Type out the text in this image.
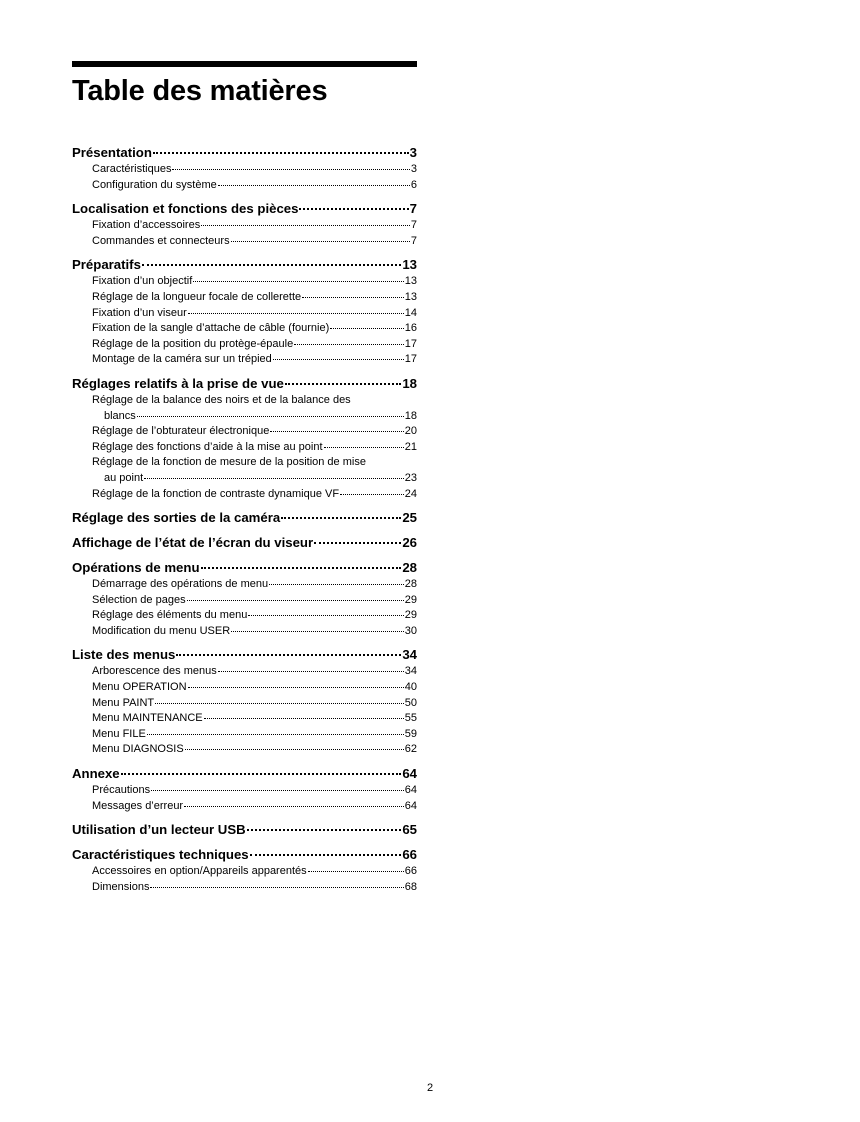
Table des matières
Présentation	3
Caractéristiques	3
Configuration du système	6
Localisation et fonctions des pièces	7
Fixation d’accessoires	7
Commandes et connecteurs	7
Préparatifs	13
Fixation d’un objectif	13
Réglage de la longueur focale de collerette	13
Fixation d’un viseur	14
Fixation de la sangle d’attache de câble (fournie)	16
Réglage de la position du protège-épaule	17
Montage de la caméra sur un trépied	17
Réglages relatifs à la prise de vue	18
Réglage de la balance des noirs et de la balance des
blancs	18
Réglage de l’obturateur électronique	20
Réglage des fonctions d’aide à la mise au point	21
Réglage de la fonction de mesure de la position de mise
au point	23
Réglage de la fonction de contraste dynamique VF	24
Réglage des sorties de la caméra	25
Affichage de l’état de l’écran du viseur	26
Opérations de menu	28
Démarrage des opérations de menu	28
Sélection de pages	29
Réglage des éléments du menu	29
Modification du menu USER	30
Liste des menus	34
Arborescence des menus	34
Menu OPERATION	40
Menu PAINT	50
Menu MAINTENANCE	55
Menu FILE	59
Menu DIAGNOSIS	62
Annexe	64
Précautions	64
Messages d’erreur	64
Utilisation d’un lecteur USB	65
Caractéristiques techniques	66
Accessoires en option/Appareils apparentés	66
Dimensions	68
2
